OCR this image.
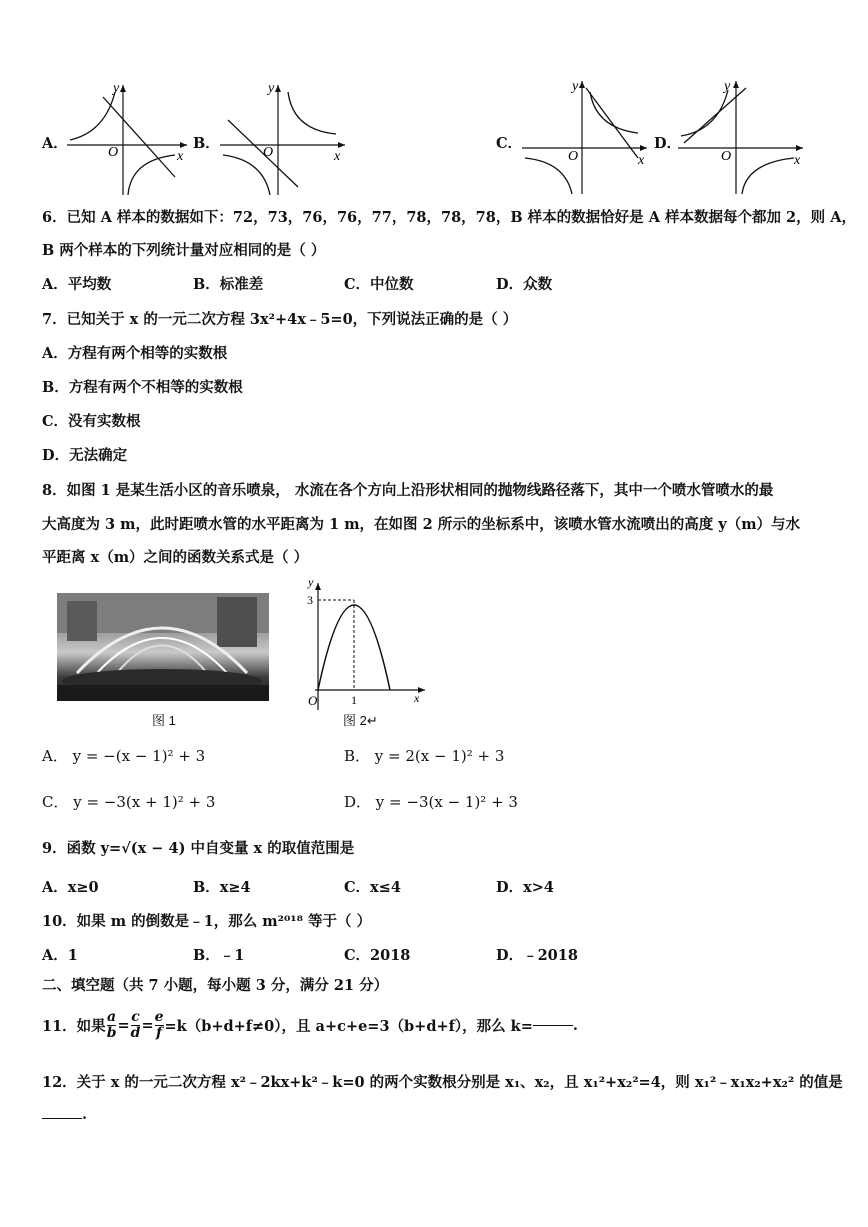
A．
y
x
O
B．
y
x
O
C．
y
x
O
D．
y
x
O
6．已知 A 样本的数据如下：72，73，76，76，77，78，78，78，B 样本的数据恰好是 A 样本数据每个都加 2，则 A，
B 两个样本的下列统计量对应相同的是（ ）
A．平均数	B．标准差	C．中位数	D．众数
7．已知关于 x 的一元二次方程 3x²+4x﹣5=0，下列说法正确的是（ ）
A．方程有两个相等的实数根
B．方程有两个不相等的实数根
C．没有实数根
D．无法确定
8．如图 1 是某生活小区的音乐喷泉， 水流在各个方向上沿形状相同的抛物线路径落下，其中一个喷水管喷水的最
大高度为 3 m，此时距喷水管的水平距离为 1 m，在如图 2 所示的坐标系中，该喷水管水流喷出的高度 y（m）与水
平距离 x（m）之间的函数关系式是（ ）
图 1
y
x
O
3
1
图 2↵
A． y = −(x − 1)² + 3	B． y = 2(x − 1)² + 3
C． y = −3(x + 1)² + 3	D． y = −3(x − 1)² + 3
9．函数 y=√(x − 4) 中自变量 x 的取值范围是
A．x≥0	B．x≥4	C．x≤4	D．x>4
10．如果 m 的倒数是﹣1，那么 m²⁰¹⁸ 等于（ ）
A．1	B．﹣1	C．2018	D．﹣2018
二、填空题（共 7 小题，每小题 3 分，满分 21 分）
11．如果 $\frac{a}{b} = \frac{c}{d} = \frac{e}{f} =k(b+d+f\ne 0)$，且 a+c+e=3（b+d+f），那么 k=	.
12．关于 x 的一元二次方程 x²﹣2kx+k²﹣k=0 的两个实数根分别是 x₁、x₂，且 x₁²+x₂²=4，则 x₁²﹣x₁x₂+x₂² 的值是
.
